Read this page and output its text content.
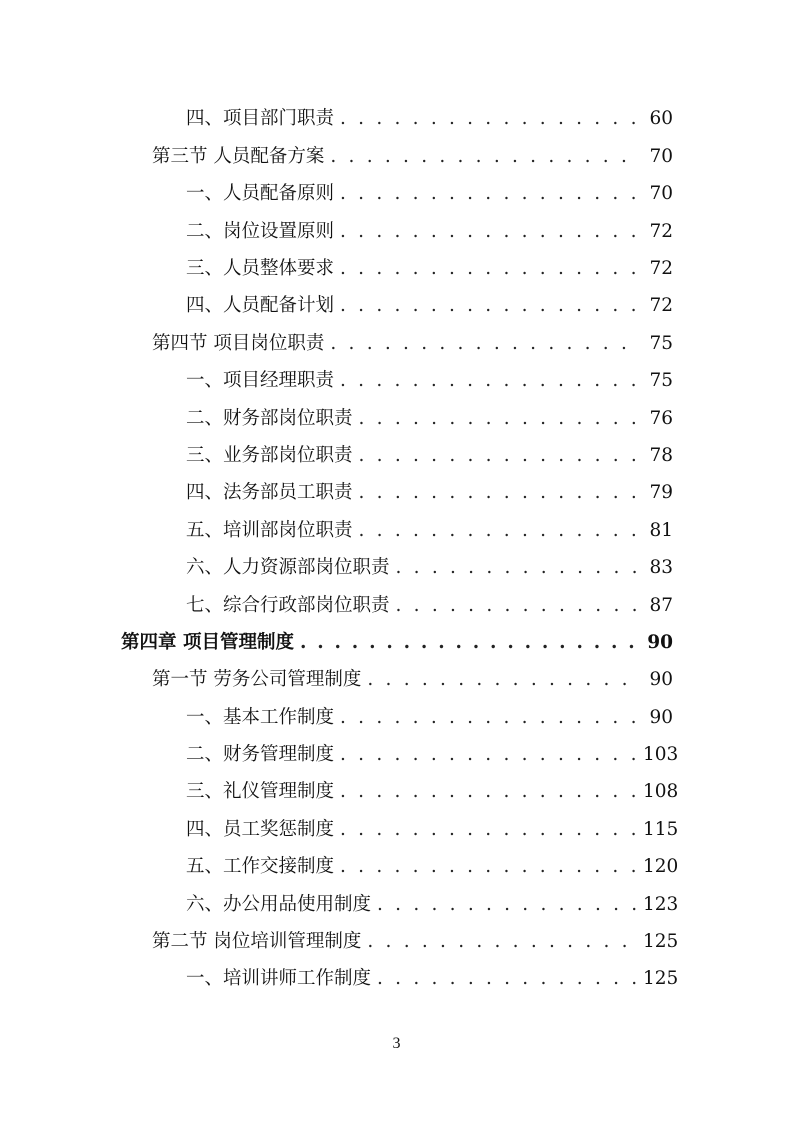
四、项目部门职责 . . .	60
第三节 人员配备方案 . . .	70
一、人员配备原则 . . .	70
二、岗位设置原则 . . .	72
三、人员整体要求 . . .	72
四、人员配备计划 . . .	72
第四节 项目岗位职责 . . .	75
一、项目经理职责 . . .	75
二、财务部岗位职责 . . .	76
三、业务部岗位职责 . . .	78
四、法务部员工职责 . . .	79
五、培训部岗位职责 . . .	81
六、人力资源部岗位职责 . . .	83
七、综合行政部岗位职责 . . .	87
第四章 项目管理制度 . . .	90
第一节 劳务公司管理制度 . . .	90
一、基本工作制度 . . .	90
二、财务管理制度 . . .	103
三、礼仪管理制度 . . .	108
四、员工奖惩制度 . . .	115
五、工作交接制度 . . .	120
六、办公用品使用制度 . . .	123
第二节 岗位培训管理制度 . . .	125
一、培训讲师工作制度 . . .	125
3
